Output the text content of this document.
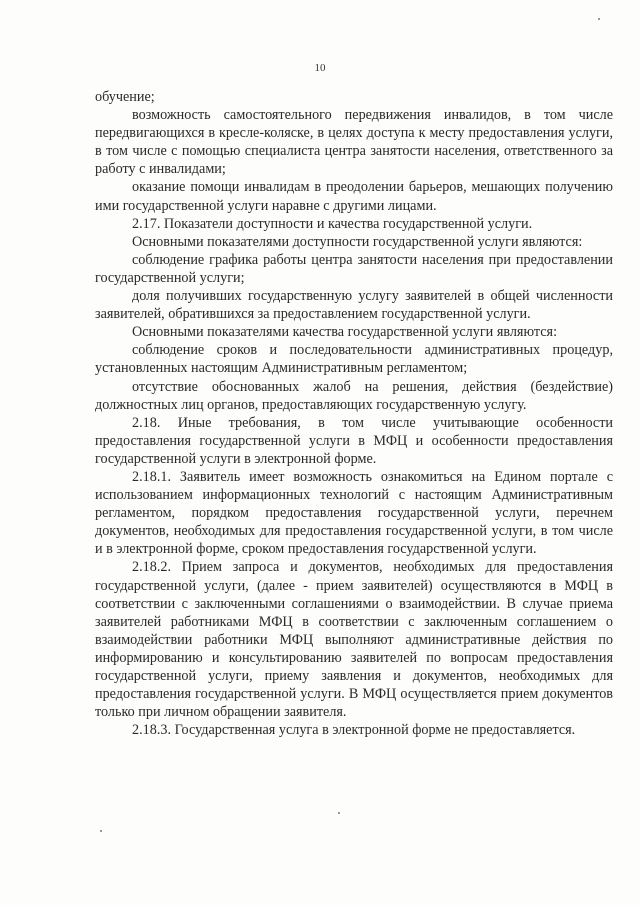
10

обучение;

возможность самостоятельного передвижения инвалидов, в том числе передвигающихся в кресле-коляске, в целях доступа к месту предоставления услуги, в том числе с помощью специалиста центра занятости населения, ответственного за работу с инвалидами;

оказание помощи инвалидам в преодолении барьеров, мешающих получению ими государственной услуги наравне с другими лицами.

2.17. Показатели доступности и качества государственной услуги.

Основными показателями доступности государственной услуги являются:

соблюдение графика работы центра занятости населения при предоставлении государственной услуги;

доля получивших государственную услугу заявителей в общей численности заявителей, обратившихся за предоставлением государственной услуги.

Основными показателями качества государственной услуги являются:

соблюдение сроков и последовательности административных процедур, установленных настоящим Административным регламентом;

отсутствие обоснованных жалоб на решения, действия (бездействие) должностных лиц органов, предоставляющих государственную услугу.

2.18. Иные требования, в том числе учитывающие особенности предоставления государственной услуги в МФЦ и особенности предоставления государственной услуги в электронной форме.

2.18.1. Заявитель имеет возможность ознакомиться на Едином портале с использованием информационных технологий с настоящим Административным регламентом, порядком предоставления государственной услуги, перечнем документов, необходимых для предоставления государственной услуги, в том числе и в электронной форме, сроком предоставления государственной услуги.

2.18.2. Прием запроса и документов, необходимых для предоставления государственной услуги, (далее - прием заявителей) осуществляются в МФЦ в соответствии с заключенными соглашениями о взаимодействии. В случае приема заявителей работниками МФЦ в соответствии с заключенным соглашением о взаимодействии работники МФЦ выполняют административные действия по информированию и консультированию заявителей по вопросам предоставления государственной услуги, приему заявления и документов, необходимых для предоставления государственной услуги. В МФЦ осуществляется прием документов только при личном обращении заявителя.

2.18.3. Государственная услуга в электронной форме не предоставляется.
